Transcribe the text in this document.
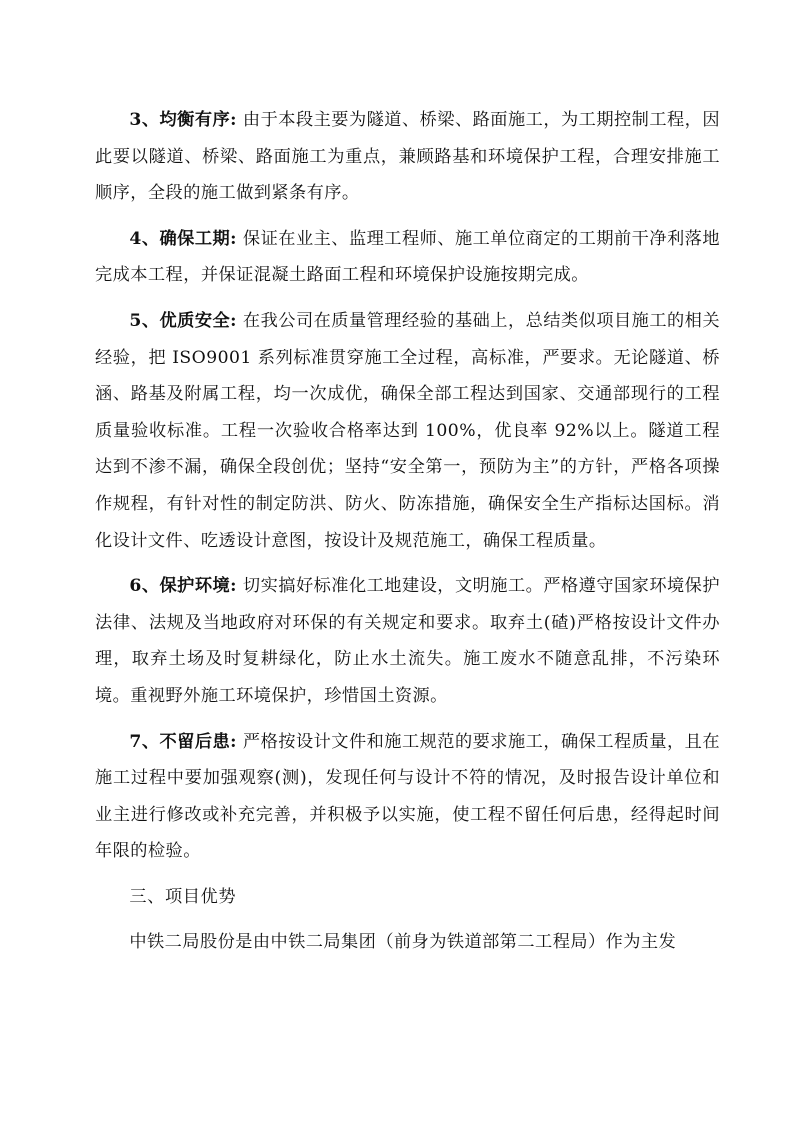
3、均衡有序: 由于本段主要为隧道、桥梁、路面施工，为工期控制工程，因此要以隧道、桥梁、路面施工为重点，兼顾路基和环境保护工程，合理安排施工顺序，全段的施工做到紧条有序。

4、确保工期: 保证在业主、监理工程师、施工单位商定的工期前干净利落地完成本工程，并保证混凝土路面工程和环境保护设施按期完成。

5、优质安全: 在我公司在质量管理经验的基础上，总结类似项目施工的相关经验，把 ISO9001 系列标准贯穿施工全过程，高标准，严要求。无论隧道、桥涵、路基及附属工程，均一次成优，确保全部工程达到国家、交通部现行的工程质量验收标准。工程一次验收合格率达到 100%，优良率 92%以上。隧道工程达到不渗不漏，确保全段创优；坚持“安全第一，预防为主”的方针，严格各项操作规程，有针对性的制定防洪、防火、防冻措施，确保安全生产指标达国标。消化设计文件、吃透设计意图，按设计及规范施工，确保工程质量。

6、保护环境: 切实搞好标准化工地建设，文明施工。严格遵守国家环境保护法律、法规及当地政府对环保的有关规定和要求。取弃土(碴)严格按设计文件办理，取弃土场及时复耕绿化，防止水土流失。施工废水不随意乱排，不污染环境。重视野外施工环境保护，珍惜国土资源。

7、不留后患: 严格按设计文件和施工规范的要求施工，确保工程质量，且在施工过程中要加强观察(测)，发现任何与设计不符的情况，及时报告设计单位和业主进行修改或补充完善，并积极予以实施，使工程不留任何后患，经得起时间年限的检验。

三、项目优势

中铁二局股份是由中铁二局集团（前身为铁道部第二工程局）作为主发
